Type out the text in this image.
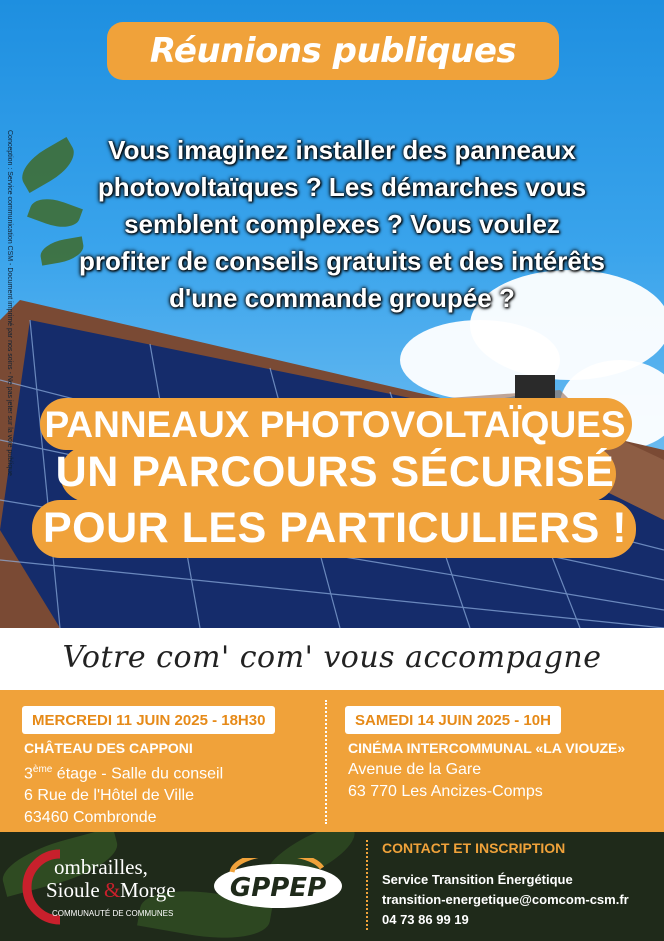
Conception : Service communication CSM - Document imprimé par nos soins - Ne pas jeter sur la voie publique
Réunions publiques
Vous imaginez installer des panneaux
photovoltaïques ? Les démarches vous
semblent complexes ? Vous voulez
profiter de conseils gratuits et des intérêts
d'une commande groupée ?
PANNEAUX PHOTOVOLTAÏQUES
UN PARCOURS SÉCURISÉ
POUR LES PARTICULIERS !
Votre com' com' vous accompagne
MERCREDI 11 JUIN 2025 - 18H30
CHÂTEAU DES CAPPONI
3ème étage - Salle du conseil
6 Rue de l'Hôtel de Ville
63460 Combronde
SAMEDI 14 JUIN 2025 - 10H
CINÉMA INTERCOMMUNAL «LA VIOUZE»
Avenue de la Gare
63 770 Les Ancizes-Comps
ombrailles,
Sioule & Morge
COMMUNAUTÉ DE COMMUNES
GPPEP
CONTACT ET INSCRIPTION
Service Transition Énergétique
transition-energetique@comcom-csm.fr
04 73 86 99 19
